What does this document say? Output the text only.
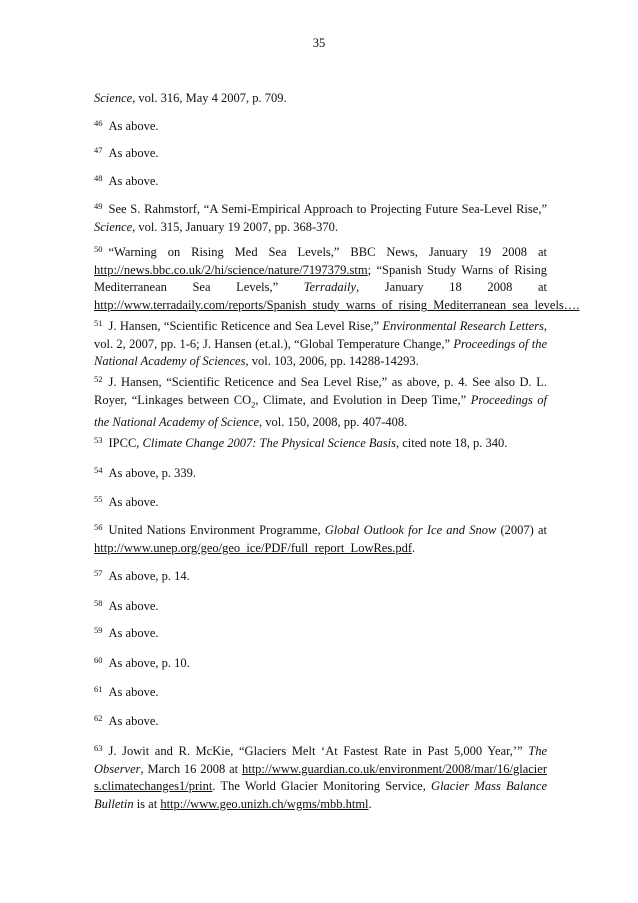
35
Science, vol. 316, May 4 2007, p. 709.
$^{46}$ As above.
$^{47}$ As above.
$^{48}$ As above.
$^{49}$ See S. Rahmstorf, “A Semi-Empirical Approach to Projecting Future Sea-Level Rise,” Science, vol. 315, January 19 2007, pp. 368-370.
$^{50}$ “Warning on Rising Med Sea Levels,” BBC News, January 19 2008 at http://news.bbc.co.uk/2/hi/science/nature/7197379.stm; “Spanish Study Warns of Rising Mediterranean Sea Levels,” Terradaily, January 18 2008 at http://www.terradaily.com/reports/Spanish_study_warns_of_rising_Mediterranean_sea_levels….
$^{51}$ J. Hansen, “Scientific Reticence and Sea Level Rise,” Environmental Research Letters, vol. 2, 2007, pp. 1-6; J. Hansen (et.al.), “Global Temperature Change,” Proceedings of the National Academy of Sciences, vol. 103, 2006, pp. 14288-14293.
$^{52}$ J. Hansen, “Scientific Reticence and Sea Level Rise,” as above, p. 4. See also D. L. Royer, “Linkages between $CO_2$, Climate, and Evolution in Deep Time,” Proceedings of the National Academy of Science, vol. 150, 2008, pp. 407-408.
$^{53}$ IPCC, Climate Change 2007: The Physical Science Basis, cited note 18, p. 340.
$^{54}$ As above, p. 339.
$^{55}$ As above.
$^{56}$ United Nations Environment Programme, Global Outlook for Ice and Snow (2007) at http://www.unep.org/geo/geo_ice/PDF/full_report_LowRes.pdf.
$^{57}$ As above, p. 14.
$^{58}$ As above.
$^{59}$ As above.
$^{60}$ As above, p. 10.
$^{61}$ As above.
$^{62}$ As above.
$^{63}$ J. Jowit and R. McKie, “Glaciers Melt ‘At Fastest Rate in Past 5,000 Year,’” The Observer, March 16 2008 at http://www.guardian.co.uk/environment/2008/mar/16/glaciers.climatechanges1/print. The World Glacier Monitoring Service, Glacier Mass Balance Bulletin is at http://www.geo.unizh.ch/wgms/mbb.html.
